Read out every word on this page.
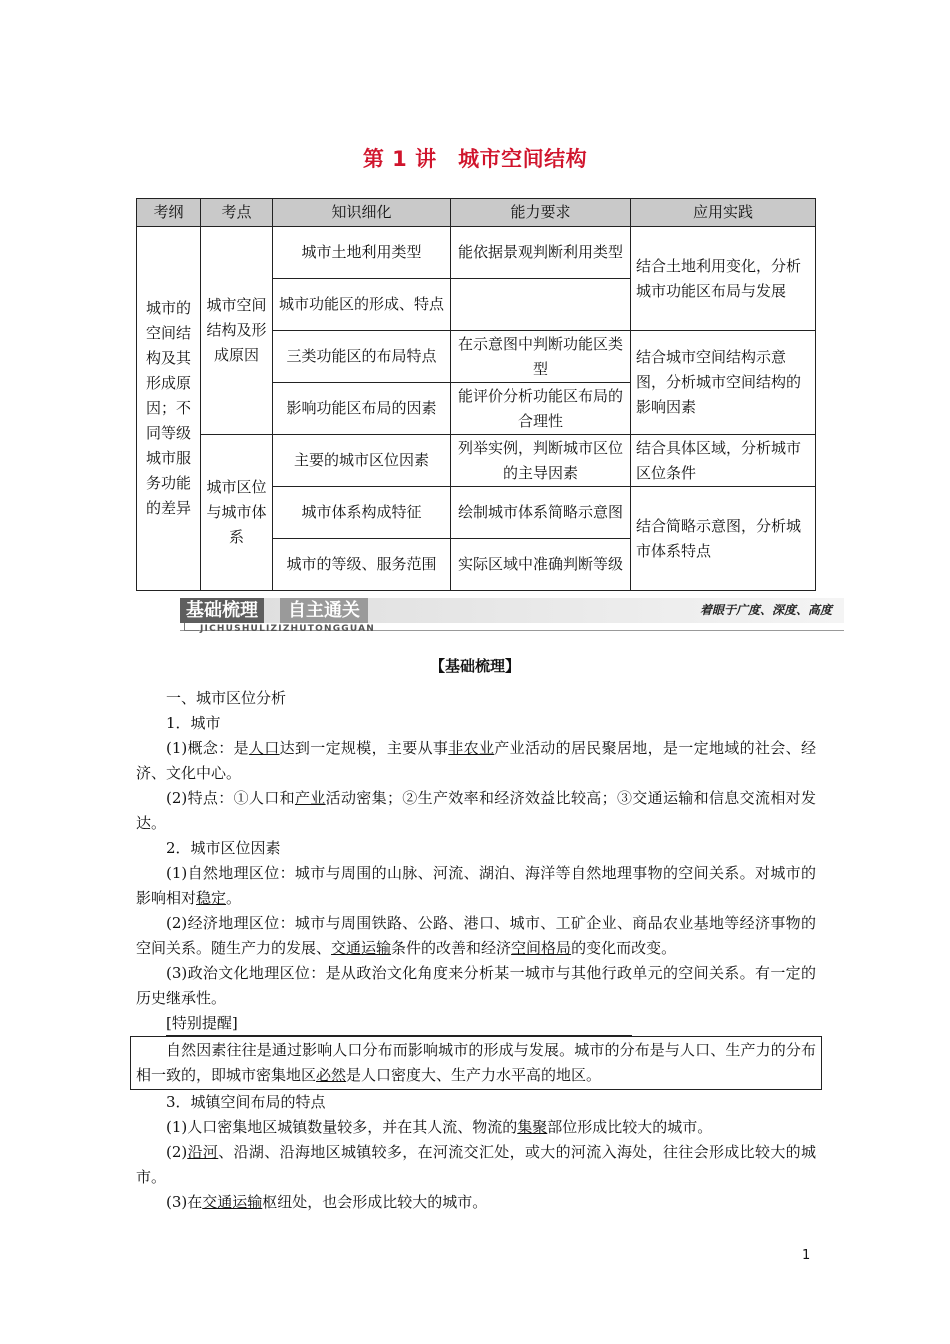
第 1 讲　城市空间结构
考纲	考点	知识细化	能力要求	应用实践
城市的空间结构及其形成原因；不同等级城市服务功能的差异	城市空间结构及形成原因	城市土地利用类型	能依据景观判断利用类型	结合土地利用变化，分析城市功能区布局与发展
		城市功能区的形成、特点		
		三类功能区的布局特点	在示意图中判断功能区类型	结合城市空间结构示意图，分析城市空间结构的影响因素
		影响功能区布局的因素	能评价分析功能区布局的合理性	
	城市区位与城市体系	主要的城市区位因素	列举实例，判断城市区位的主导因素	结合具体区域，分析城市区位条件
		城市体系构成特征	绘制城市体系简略示意图	结合简略示意图，分析城市体系特点
		城市的等级、服务范围	实际区域中准确判断等级	
基础梳理	自主通关
JICHUSHULIZIZHUTONGGUAN
着眼于广度、深度、高度
【基础梳理】

一、城市区位分析

1．城市

(1)概念：是人口达到一定规模，主要从事非农业产业活动的居民聚居地，是一定地域的社会、经济、文化中心。

(2)特点：①人口和产业活动密集；②生产效率和经济效益比较高；③交通运输和信息交流相对发达。

2．城市区位因素

(1)自然地理区位：城市与周围的山脉、河流、湖泊、海洋等自然地理事物的空间关系。对城市的影响相对稳定。

(2)经济地理区位：城市与周围铁路、公路、港口、城市、工矿企业、商品农业基地等经济事物的空间关系。随生产力的发展、交通运输条件的改善和经济空间格局的变化而改变。

(3)政治文化地理区位：是从政治文化角度来分析某一城市与其他行政单元的空间关系。有一定的历史继承性。

[特别提醒]

自然因素往往是通过影响人口分布而影响城市的形成与发展。城市的分布是与人口、生产力的分布相一致的，即城市密集地区必然是人口密度大、生产力水平高的地区。

3．城镇空间布局的特点

(1)人口密集地区城镇数量较多，并在其人流、物流的集聚部位形成比较大的城市。

(2)沿河、沿湖、沿海地区城镇较多，在河流交汇处，或大的河流入海处，往往会形成比较大的城市。

(3)在交通运输枢纽处，也会形成比较大的城市。

1
